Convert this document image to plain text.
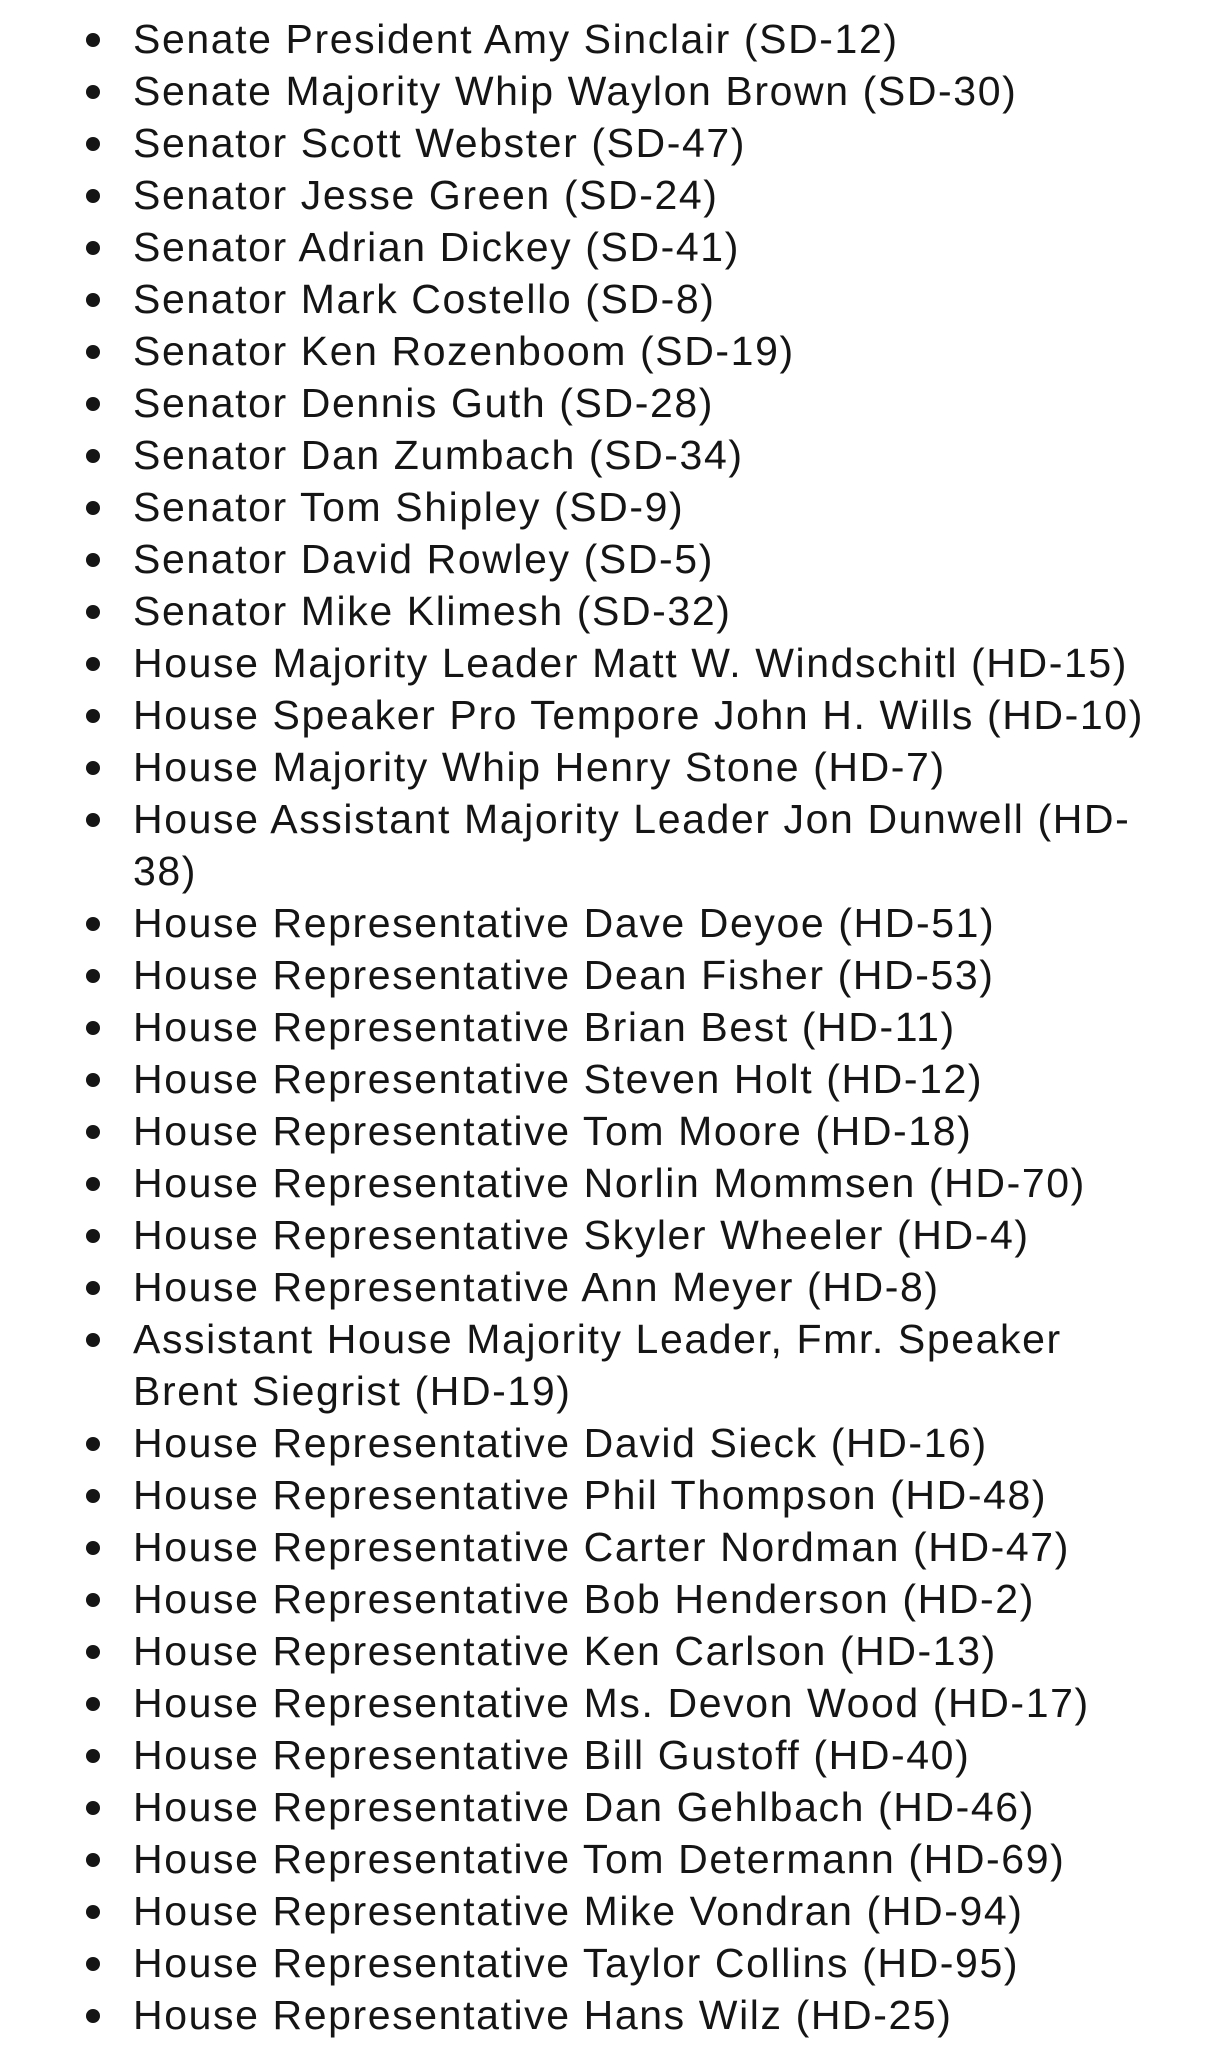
Senate President Amy Sinclair (SD-12)
Senate Majority Whip Waylon Brown (SD-30)
Senator Scott Webster (SD-47)
Senator Jesse Green (SD-24)
Senator Adrian Dickey (SD-41)
Senator Mark Costello (SD-8)
Senator Ken Rozenboom (SD-19)
Senator Dennis Guth (SD-28)
Senator Dan Zumbach (SD-34)
Senator Tom Shipley (SD-9)
Senator David Rowley (SD-5)
Senator Mike Klimesh (SD-32)
House Majority Leader Matt W. Windschitl (HD-15)
House Speaker Pro Tempore John H. Wills (HD-10)
House Majority Whip Henry Stone (HD-7)
House Assistant Majority Leader Jon Dunwell (HD-38)
House Representative Dave Deyoe (HD-51)
House Representative Dean Fisher (HD-53)
House Representative Brian Best (HD-11)
House Representative Steven Holt (HD-12)
House Representative Tom Moore (HD-18)
House Representative Norlin Mommsen (HD-70)
House Representative Skyler Wheeler (HD-4)
House Representative Ann Meyer (HD-8)
Assistant House Majority Leader, Fmr. Speaker Brent Siegrist (HD-19)
House Representative David Sieck (HD-16)
House Representative Phil Thompson (HD-48)
House Representative Carter Nordman (HD-47)
House Representative Bob Henderson (HD-2)
House Representative Ken Carlson (HD-13)
House Representative Ms. Devon Wood (HD-17)
House Representative Bill Gustoff (HD-40)
House Representative Dan Gehlbach (HD-46)
House Representative Tom Determann (HD-69)
House Representative Mike Vondran (HD-94)
House Representative Taylor Collins (HD-95)
House Representative Hans Wilz (HD-25)
